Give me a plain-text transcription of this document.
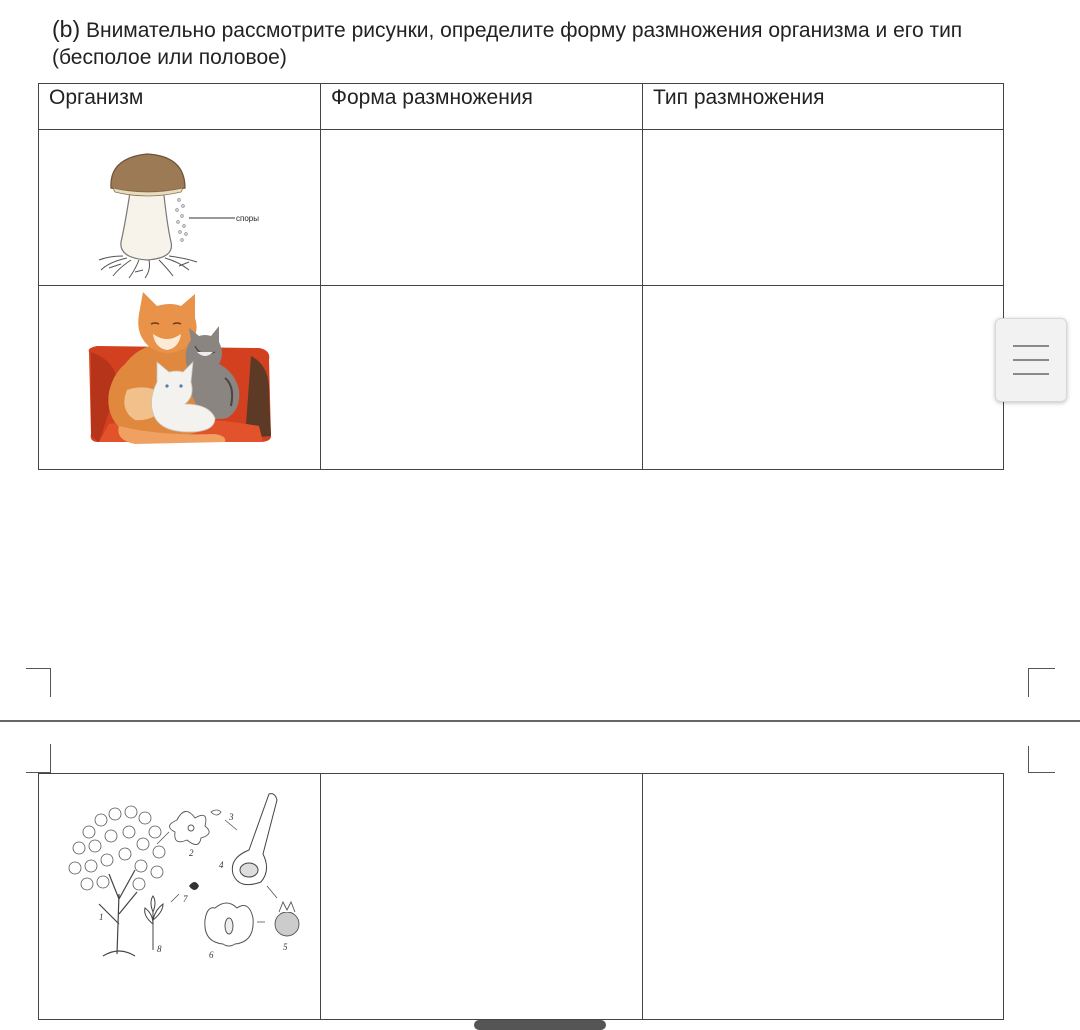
(b) Внимательно рассмотрите рисунки, определите форму размножения организма и его тип (бесполое или половое)
Организм	Форма размножения	Тип размножения

споры		

1
2
3
4
5
6
7
8
